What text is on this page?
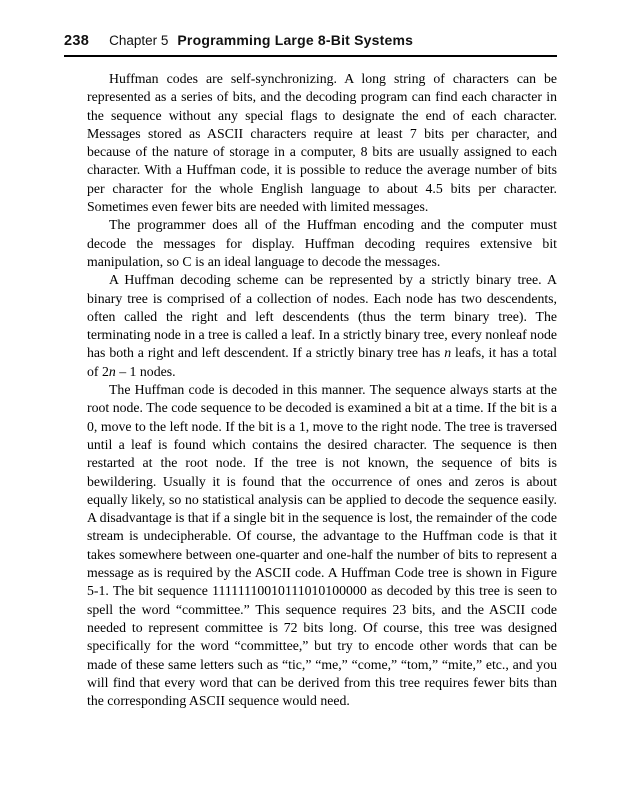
238 Chapter 5 Programming Large 8-Bit Systems

Huffman codes are self-synchronizing. A long string of characters can be represented as a series of bits, and the decoding program can find each character in the sequence without any special flags to designate the end of each character. Messages stored as ASCII characters require at least 7 bits per character, and because of the nature of storage in a computer, 8 bits are usually assigned to each character. With a Huffman code, it is possible to reduce the average number of bits per character for the whole English language to about 4.5 bits per character. Sometimes even fewer bits are needed with limited messages.

The programmer does all of the Huffman encoding and the computer must decode the messages for display. Huffman decoding requires extensive bit manipulation, so C is an ideal language to decode the messages.

A Huffman decoding scheme can be represented by a strictly binary tree. A binary tree is comprised of a collection of nodes. Each node has two descendents, often called the right and left descendents (thus the term binary tree). The terminating node in a tree is called a leaf. In a strictly binary tree, every nonleaf node has both a right and left descendent. If a strictly binary tree has n leafs, it has a total of 2n – 1 nodes.

The Huffman code is decoded in this manner. The sequence always starts at the root node. The code sequence to be decoded is examined a bit at a time. If the bit is a 0, move to the left node. If the bit is a 1, move to the right node. The tree is traversed until a leaf is found which contains the desired character. The sequence is then restarted at the root node. If the tree is not known, the sequence of bits is bewildering. Usually it is found that the occurrence of ones and zeros is about equally likely, so no statistical analysis can be applied to decode the sequence easily. A disadvantage is that if a single bit in the sequence is lost, the remainder of the code stream is undecipherable. Of course, the advantage to the Huffman code is that it takes somewhere between one-quarter and one-half the number of bits to represent a message as is required by the ASCII code. A Huffman Code tree is shown in Figure 5-1. The bit sequence 11111110010111010100000 as decoded by this tree is seen to spell the word “committee.” This sequence requires 23 bits, and the ASCII code needed to represent committee is 72 bits long. Of course, this tree was designed specifically for the word “committee,” but try to encode other words that can be made of these same letters such as “tic,” “me,” “come,” “tom,” “mite,” etc., and you will find that every word that can be derived from this tree requires fewer bits than the corresponding ASCII sequence would need.
